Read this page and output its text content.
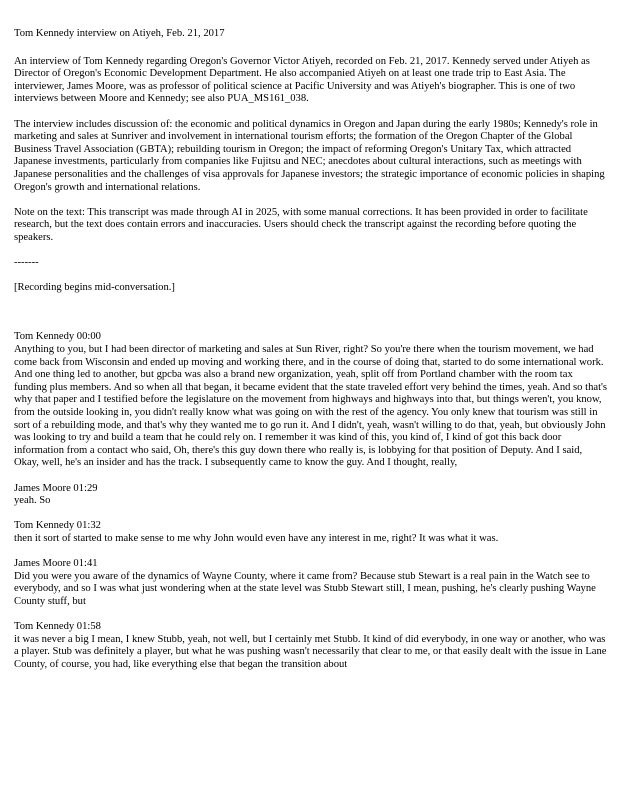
Tom Kennedy interview on Atiyeh, Feb. 21, 2017

An interview of Tom Kennedy regarding Oregon's Governor Victor Atiyeh, recorded on Feb. 21, 2017. Kennedy served under Atiyeh as Director of Oregon's Economic Development Department. He also accompanied Atiyeh on at least one trade trip to East Asia. The interviewer, James Moore, was as professor of political science at Pacific University and was Atiyeh's biographer. This is one of two interviews between Moore and Kennedy; see also PUA_MS161_038.

The interview includes discussion of: the economic and political dynamics in Oregon and Japan during the early 1980s; Kennedy's role in marketing and sales at Sunriver and involvement in international tourism efforts; the formation of the Oregon Chapter of the Global Business Travel Association (GBTA); rebuilding tourism in Oregon; the impact of reforming Oregon's Unitary Tax, which attracted Japanese investments, particularly from companies like Fujitsu and NEC; anecdotes about cultural interactions, such as meetings with Japanese personalities and the challenges of visa approvals for Japanese investors; the strategic importance of economic policies in shaping Oregon's growth and international relations.

Note on the text: This transcript was made through AI in 2025, with some manual corrections. It has been provided in order to facilitate research, but the text does contain errors and inaccuracies. Users should check the transcript against the recording before quoting the speakers.

-------

[Recording begins mid-conversation.]

Tom Kennedy 00:00

Anything to you, but I had been director of marketing and sales at Sun River, right? So you're there when the tourism movement, we had come back from Wisconsin and ended up moving and working there, and in the course of doing that, started to do some international work. And one thing led to another, but gpcba was also a brand new organization, yeah, split off from Portland chamber with the room tax funding plus members. And so when all that began, it became evident that the state traveled effort very behind the times, yeah. And so that's why that paper and I testified before the legislature on the movement from highways and highways into that, but things weren't, you know, from the outside looking in, you didn't really know what was going on with the rest of the agency. You only knew that tourism was still in sort of a rebuilding mode, and that's why they wanted me to go run it. And I didn't, yeah, wasn't willing to do that, yeah, but obviously John was looking to try and build a team that he could rely on. I remember it was kind of this, you kind of, I kind of got this back door information from a contact who said, Oh, there's this guy down there who really is, is lobbying for that position of Deputy. And I said, Okay, well, he's an insider and has the track. I subsequently came to know the guy. And I thought, really,

James Moore 01:29

yeah. So

Tom Kennedy 01:32

then it sort of started to make sense to me why John would even have any interest in me, right? It was what it was.

James Moore 01:41

Did you were you aware of the dynamics of Wayne County, where it came from? Because stub Stewart is a real pain in the Watch see to everybody, and so I was what just wondering when at the state level was Stubb Stewart still, I mean, pushing, he's clearly pushing Wayne County stuff, but

Tom Kennedy 01:58

it was never a big I mean, I knew Stubb, yeah, not well, but I certainly met Stubb. It kind of did everybody, in one way or another, who was a player. Stub was definitely a player, but what he was pushing wasn't necessarily that clear to me, or that easily dealt with the issue in Lane County, of course, you had, like everything else that began the transition about
